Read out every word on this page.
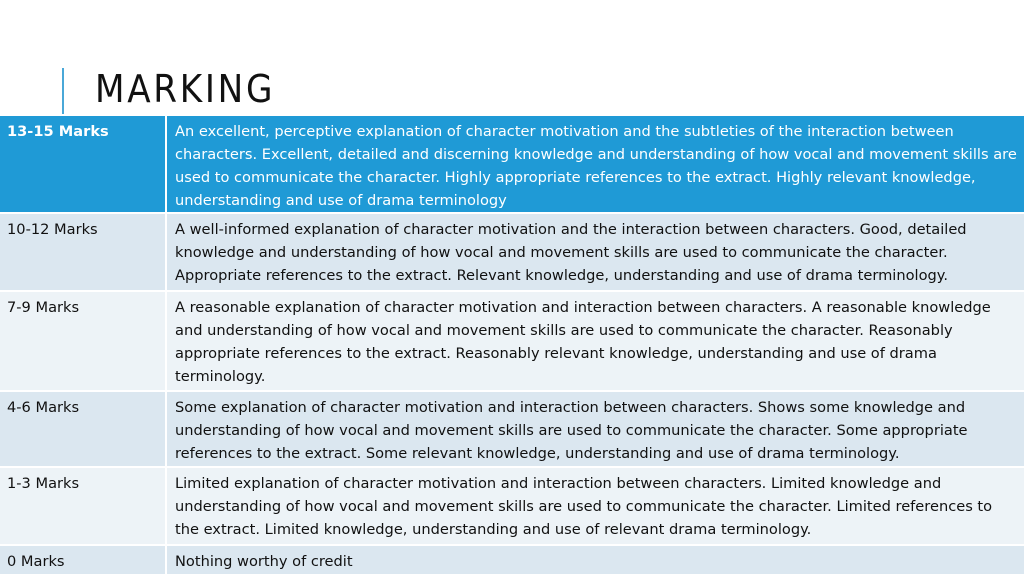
MARKING
13-15 Marks	An excellent, perceptive explanation of character motivation and the subtleties of the interaction between characters. Excellent, detailed and discerning knowledge and understanding of how vocal and movement skills are used to communicate the character. Highly appropriate references to the extract. Highly relevant knowledge, understanding and use of drama terminology
10-12 Marks	A well-informed explanation of character motivation and the interaction between characters. Good, detailed knowledge and understanding of how vocal and movement skills are used to communicate the character. Appropriate references to the extract. Relevant knowledge, understanding and use of drama terminology.
7-9 Marks	A reasonable explanation of character motivation and interaction between characters. A reasonable knowledge and understanding of how vocal and movement skills are used to communicate the character. Reasonably appropriate references to the extract. Reasonably relevant knowledge, understanding and use of drama terminology.
4-6 Marks	Some explanation of character motivation and interaction between characters. Shows some knowledge and understanding of how vocal and movement skills are used to communicate the character. Some appropriate references to the extract. Some relevant knowledge, understanding and use of drama terminology.
1-3 Marks	Limited explanation of character motivation and interaction between characters. Limited knowledge and understanding of how vocal and movement skills are used to communicate the character. Limited references to the extract. Limited knowledge, understanding and use of relevant drama terminology.
0 Marks	Nothing worthy of credit
